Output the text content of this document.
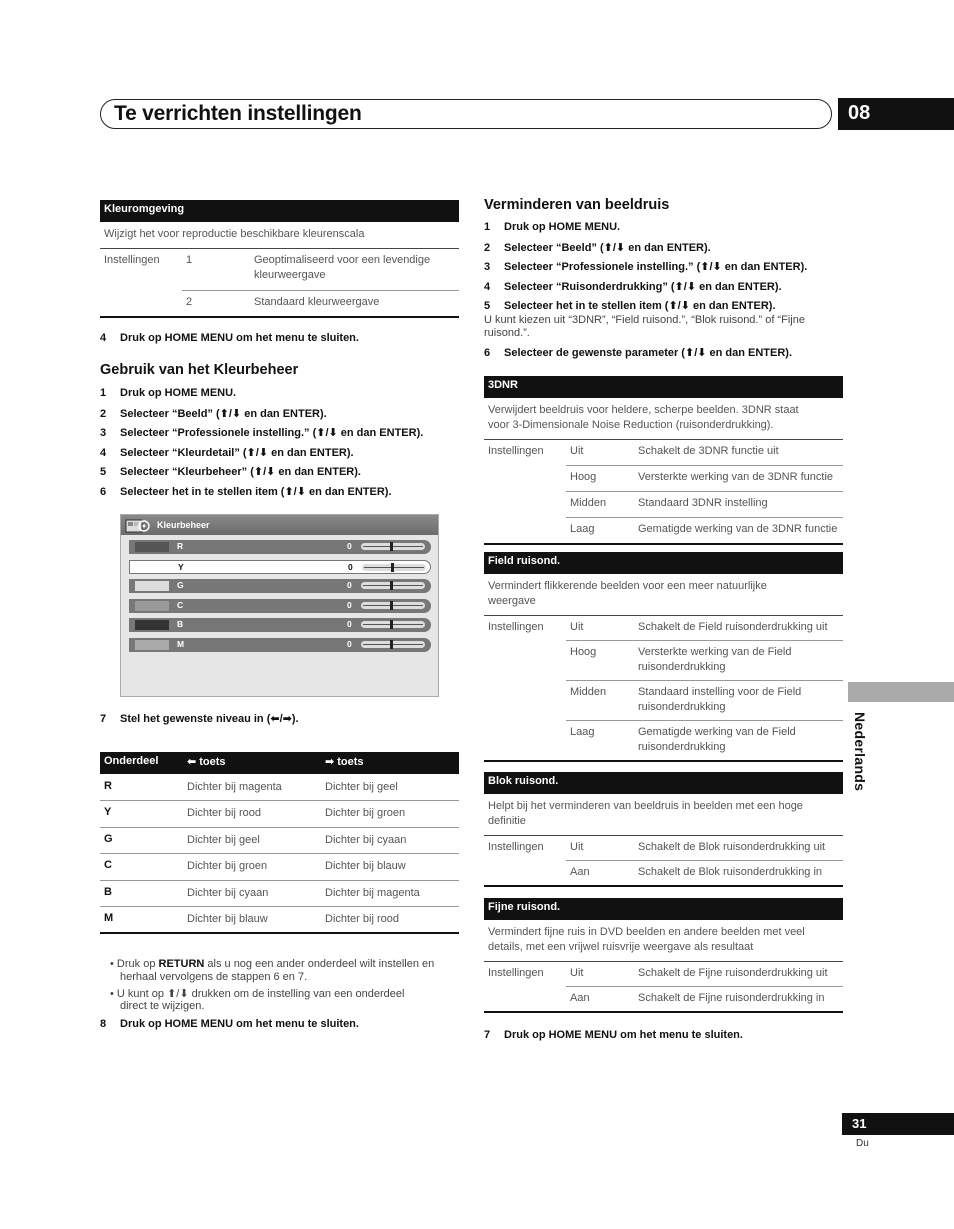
Te verrichten instellingen	08
Kleuromgeving
Wijzigt het voor reproductie beschikbare kleurenscala
Instellingen 1	Geoptimaliseerd voor een levendige
kleurweergave
2	Standaard kleurweergave
4 Druk op HOME MENU om het menu te sluiten.
Gebruik van het Kleurbeheer
1 Druk op HOME MENU.
2 Selecteer “Beeld” (⬆/⬇ en dan ENTER).
3 Selecteer “Professionele instelling.” (⬆/⬇ en dan ENTER).
4 Selecteer “Kleurdetail” (⬆/⬇ en dan ENTER).
5 Selecteer “Kleurbeheer” (⬆/⬇ en dan ENTER).
6 Selecteer het in te stellen item (⬆/⬇ en dan ENTER).
Kleurbeheer
R	0
Y	0
G	0
C	0
B	0
M	0
7 Stel het gewenste niveau in (⬅/➡).
Onderdeel	⬅ toets	➡ toets
R	Dichter bij magenta	Dichter bij geel
Y	Dichter bij rood	Dichter bij groen
G	Dichter bij geel	Dichter bij cyaan
C	Dichter bij groen	Dichter bij blauw
B	Dichter bij cyaan	Dichter bij magenta
M	Dichter bij blauw	Dichter bij rood
• Druk op RETURN als u nog een ander onderdeel wilt instellen en
herhaal vervolgens de stappen 6 en 7.
• U kunt op ⬆/⬇ drukken om de instelling van een onderdeel
direct te wijzigen.
8 Druk op HOME MENU om het menu te sluiten.
Verminderen van beeldruis
1 Druk op HOME MENU.
2 Selecteer “Beeld” (⬆/⬇ en dan ENTER).
3 Selecteer “Professionele instelling.” (⬆/⬇ en dan ENTER).
4 Selecteer “Ruisonderdrukking” (⬆/⬇ en dan ENTER).
5 Selecteer het in te stellen item (⬆/⬇ en dan ENTER).
U kunt kiezen uit “3DNR”, “Field ruisond.”, “Blok ruisond.” of “Fijne
ruisond.”.
6 Selecteer de gewenste parameter (⬆/⬇ en dan ENTER).
3DNR
Verwijdert beeldruis voor heldere, scherpe beelden. 3DNR staat
voor 3-Dimensionale Noise Reduction (ruisonderdrukking).
Instellingen Uit	Schakelt de 3DNR functie uit
Hoog	Versterkte werking van de 3DNR functie
Midden	Standaard 3DNR instelling
Laag	Gematigde werking van de 3DNR functie
Field ruisond.
Vermindert flikkerende beelden voor een meer natuurlijke
weergave
Instellingen Uit	Schakelt de Field ruisonderdrukking uit
Hoog	Versterkte werking van de Field
ruisonderdrukking
Midden	Standaard instelling voor de Field
ruisonderdrukking
Laag	Gematigde werking van de Field
ruisonderdrukking
Blok ruisond.
Helpt bij het verminderen van beeldruis in beelden met een hoge
definitie
Instellingen Uit	Schakelt de Blok ruisonderdrukking uit
Aan	Schakelt de Blok ruisonderdrukking in
Fijne ruisond.
Vermindert fijne ruis in DVD beelden en andere beelden met veel
details, met een vrijwel ruisvrije weergave als resultaat
Instellingen Uit	Schakelt de Fijne ruisonderdrukking uit
Aan	Schakelt de Fijne ruisonderdrukking in
7 Druk op HOME MENU om het menu te sluiten.
Nederlands
31
Du
